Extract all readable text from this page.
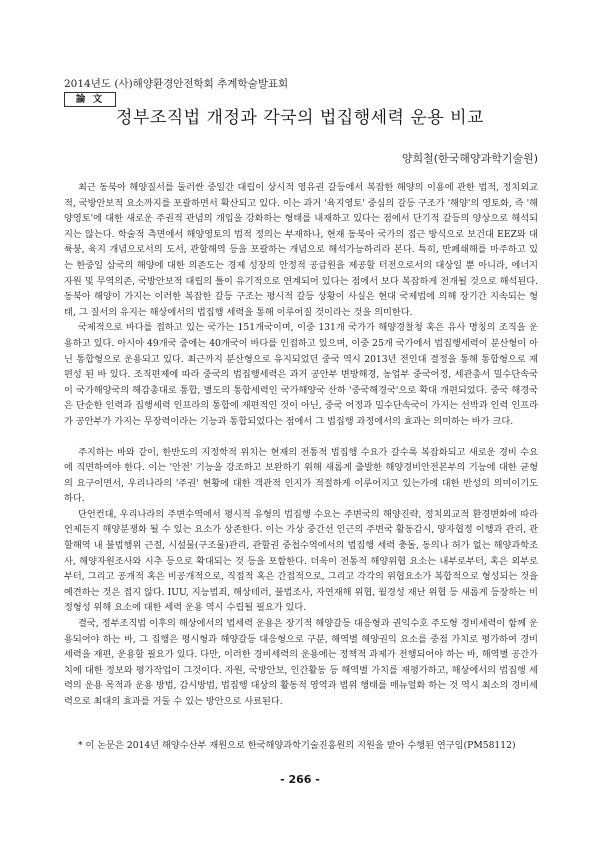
2014년도 (사)해양환경안전학회 추계학술발표회
論 文
정부조직법 개정과 각국의 법집행세력 운용 비교
양희철(한국해양과학기술원)

최근 동북아 해양질서를 둘러싼 중일간 대립이 상시적 영유권 갈등에서 복잡한 해양의 이용에 관한 법적, 정치외교적, 국방안보적 요소까지를 포괄하면서 확산되고 있다. 이는 과거 '육지영토' 중심의 갈등 구조가 '해양'의 영토화, 즉 '해양영토'에 대한 새로운 주권적 관념의 개입을 강화하는 형태를 내재하고 있다는 점에서 단기적 갈등의 양상으로 해석되지는 않는다. 학술적 측면에서 해양영토의 법적 정의는 부재하나, 현재 동북아 국가의 접근 방식으로 보건대 EEZ와 대륙붕, 육지 개념으로서의 도서, 관할해역 등을 포괄하는 개념으로 해석가능하리라 본다. 특히, 반폐쇄해를 마주하고 있는 한중일 삼국의 해양에 대한 의존도는 경제 성장의 안정적 공급원을 제공할 터전으로서의 대상일 뿐 아니라, 에너지 자원 및 무역의존, 국방안보적 대립의 틀이 유기적으로 연계되어 있다는 점에서 보다 복잡하게 전개될 것으로 해석된다. 동북아 해양이 가지는 이러한 복잡한 갈등 구조는 평시적 갈등 상황이 사실은 현대 국제법에 의해 장기간 지속되는 형태, 그 질서의 유지는 해상에서의 법집행 세력을 통해 이루어질 것이라는 것을 의미한다.

국제적으로 바다를 접하고 있는 국가는 151개국이며, 이중 131개 국가가 해양경찰청 혹은 유사 명칭의 조직을 운용하고 있다. 아시아 49개국 중에는 40개국이 바다를 인접하고 있으며, 이중 25개 국가에서 법집행세력이 분산형이 아닌 통합형으로 운용되고 있다. 최근까지 분산형으로 유지되었던 중국 역시 2013년 전인대 결정을 통해 통합형으로 재편성 된 바 있다. 조직편제에 따라 중국의 법집행세력은 과거 공안부 변방해경, 농업부 중국어정, 세관총서 밀수단속국이 국가해양국의 해감총대로 통합, 별도의 통합세력인 국가해양국 산하 '중국해경국'으로 확대 개편되었다. 중국 해경국은 단순한 인력과 집행세력 인프라의 통합에 재편적인 것이 아닌, 중국 어정과 밀수단속국이 가지는 선박과 인력 인프라가 공안부가 가지는 무장력이라는 기능과 통합되었다는 점에서 그 법집행 과정에서의 효과는 의미하는 바가 크다.

주지하는 바와 같이, 한반도의 지정학적 위치는 현재의 전통적 법집행 수요가 갈수록 복잡화되고 새로운 경비 수요에 직면하여야 한다. 이는 '안전' 기능을 강조하고 보완하기 위해 새롭게 출발한 해양경비안전본부의 기능에 대한 균형의 요구이면서, 우리나라의 '주권' 현황에 대한 객관적 인지가 적절하게 이루어지고 있는가에 대한 반성의 의미이기도 하다.

단언컨대, 우리나라의 주변수역에서 평시적 유형의 법집행 수요는 주변국의 해양진략, 정치외교적 환경변화에 따라 언제든지 해양분쟁화 될 수 있는 요소가 상존한다. 이는 가상 중간선 인근의 주변국 활동감시, 양자협정 이행과 관리, 관할해역 내 불법행위 근절, 시설물(구조물)관리, 관할권 중첩수역에서의 법집행 세력 충돌, 동의나 허가 없는 해양과학조사, 해양자원조사와 시추 등으로 확대되는 것 등을 포함한다. 더욱이 전통적 해양위협 요소는 내부로부터, 혹은 외부로부터, 그리고 공개적 혹은 비공개적으로, 직접적 혹은 간접적으로, 그리고 각각의 위협요소가 복합적으로 형성되는 것을 예견하는 것은 접지 않다. IUU, 지능범죄, 해상테러, 불법조사, 자연재해 위협, 월경성 재난 위협 등 새롭게 등장하는 비정형성 위해 요소에 대한 세력 운용 역시 수립될 필요가 있다.

결국, 정부조직법 이후의 해상에서의 법세력 운용은 장기적 해양갈등 대응형과 권익수호 주도형 경비세력이 함께 운용되어야 하는 바, 그 집행은 평시형과 해양갈등 대응형으로 구분, 해역별 해양권익 요소를 중점 가치로 평가하여 경비세력을 재편, 운용할 필요가 있다. 다만, 이러한 경비세력의 운용에는 정책적 과제가 전행되어야 하는 바, 해역별 공간가치에 대한 정보와 평가작업이 그것이다. 자원, 국방안보, 인간활동 등 해역별 가치를 재평가하고, 해상에서의 법집행 세력의 운용 목적과 운용 방법, 감시방법, 법집행 대상의 활동적 영역과 범위 행태를 매뉴얼화 하는 것 역시 최소의 경비세력으로 최대의 효과를 거둘 수 있는 방안으로 사료된다.

* 이 논문은 2014년 해양수산부 재원으로 한국해양과학기술진흥원의 지원을 받아 수행된 연구임(PM58112)
- 266 -
